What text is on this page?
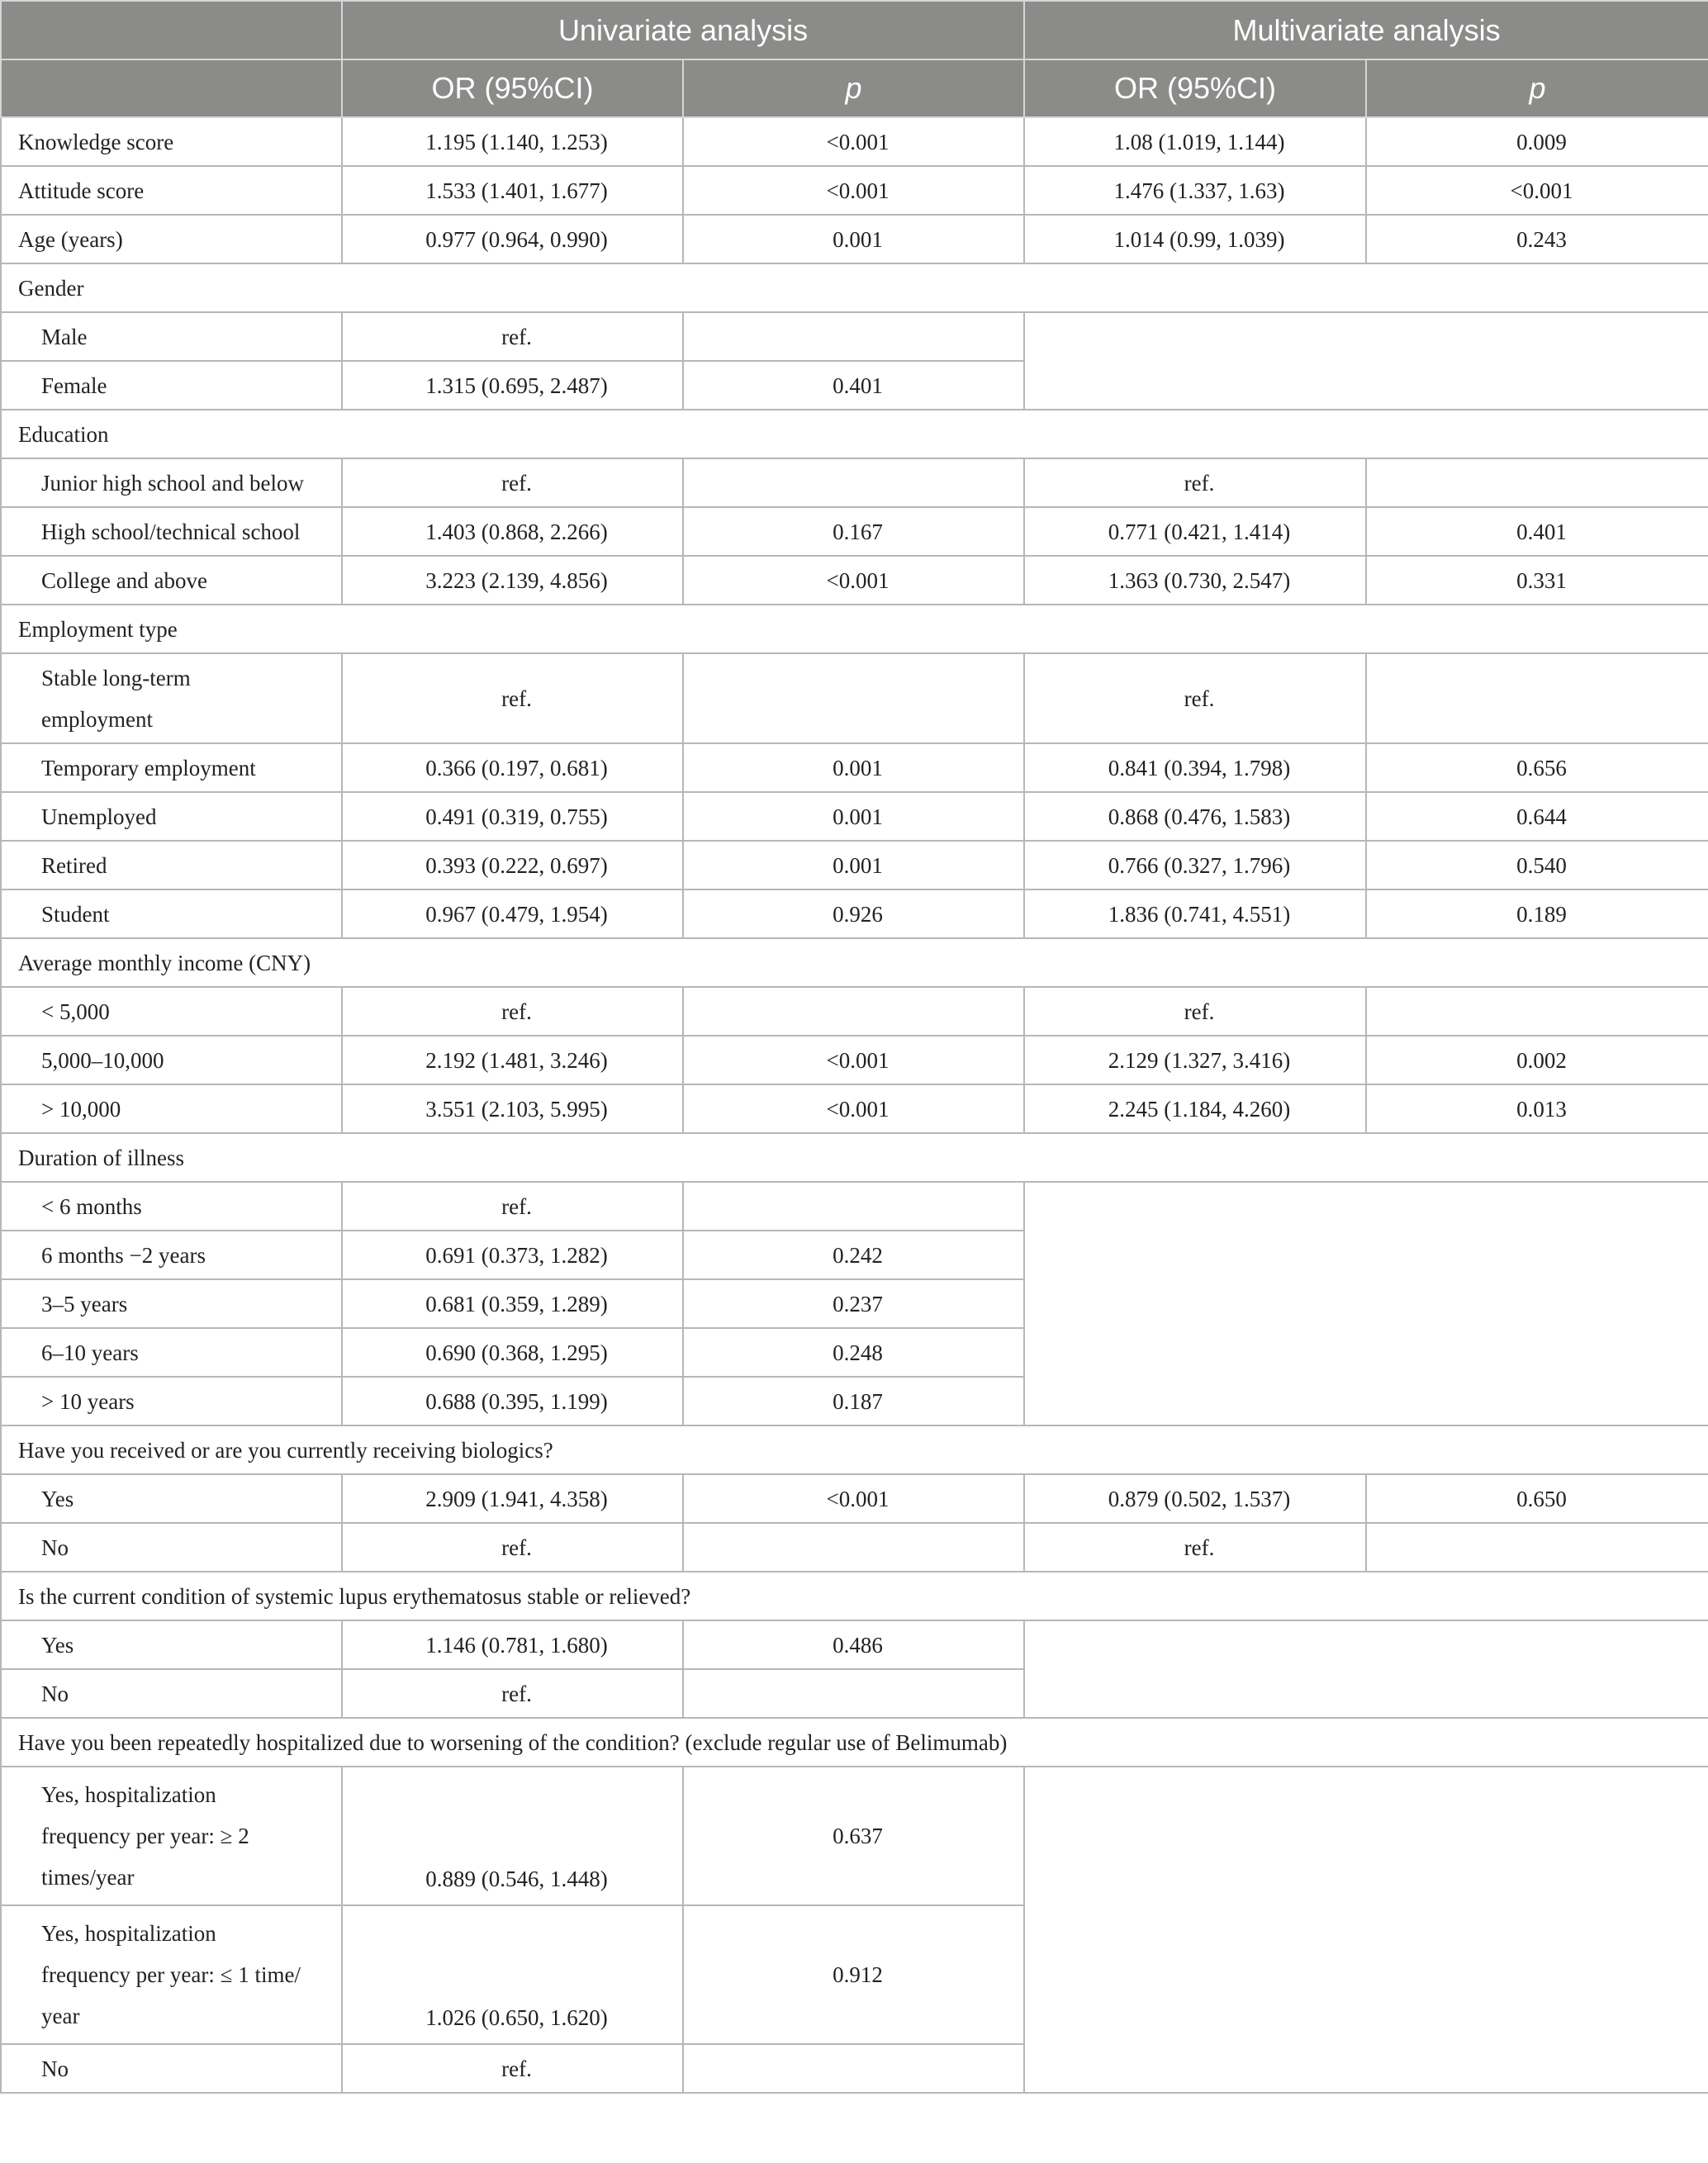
	Univariate analysis		Multivariate analysis	
	OR (95%CI)	p	OR (95%CI)	p
Knowledge score	1.195 (1.140, 1.253)	<0.001	1.08 (1.019, 1.144)	0.009
Attitude score	1.533 (1.401, 1.677)	<0.001	1.476 (1.337, 1.63)	<0.001
Age (years)	0.977 (0.964, 0.990)	0.001	1.014 (0.99, 1.039)	0.243
Gender				
Male	ref.			
Female	1.315 (0.695, 2.487)	0.401		
Education				
Junior high school and below	ref.		ref.	
High school/technical school	1.403 (0.868, 2.266)	0.167	0.771 (0.421, 1.414)	0.401
College and above	3.223 (2.139, 4.856)	<0.001	1.363 (0.730, 2.547)	0.331
Employment type				
Stable long-term
employment	ref.		ref.	
Temporary employment	0.366 (0.197, 0.681)	0.001	0.841 (0.394, 1.798)	0.656
Unemployed	0.491 (0.319, 0.755)	0.001	0.868 (0.476, 1.583)	0.644
Retired	0.393 (0.222, 0.697)	0.001	0.766 (0.327, 1.796)	0.540
Student	0.967 (0.479, 1.954)	0.926	1.836 (0.741, 4.551)	0.189
Average monthly income (CNY)				
< 5,000	ref.		ref.	
5,000–10,000	2.192 (1.481, 3.246)	<0.001	2.129 (1.327, 3.416)	0.002
> 10,000	3.551 (2.103, 5.995)	<0.001	2.245 (1.184, 4.260)	0.013
Duration of illness				
< 6 months	ref.			
6 months −2 years	0.691 (0.373, 1.282)	0.242		
3–5 years	0.681 (0.359, 1.289)	0.237		
6–10 years	0.690 (0.368, 1.295)	0.248		
> 10 years	0.688 (0.395, 1.199)	0.187		
Have you received or are you currently receiving biologics?				
Yes	2.909 (1.941, 4.358)	<0.001	0.879 (0.502, 1.537)	0.650
No	ref.		ref.	
Is the current condition of systemic lupus erythematosus stable or relieved?				
Yes	1.146 (0.781, 1.680)	0.486		
No	ref.			
Have you been repeatedly hospitalized due to worsening of the condition? (exclude regular use of Belimumab)				
Yes, hospitalization
frequency per year: ≥ 2
times/year	0.889 (0.546, 1.448)	0.637		
Yes, hospitalization
frequency per year: ≤ 1 time/
year	1.026 (0.650, 1.620)	0.912		
No	ref.			
